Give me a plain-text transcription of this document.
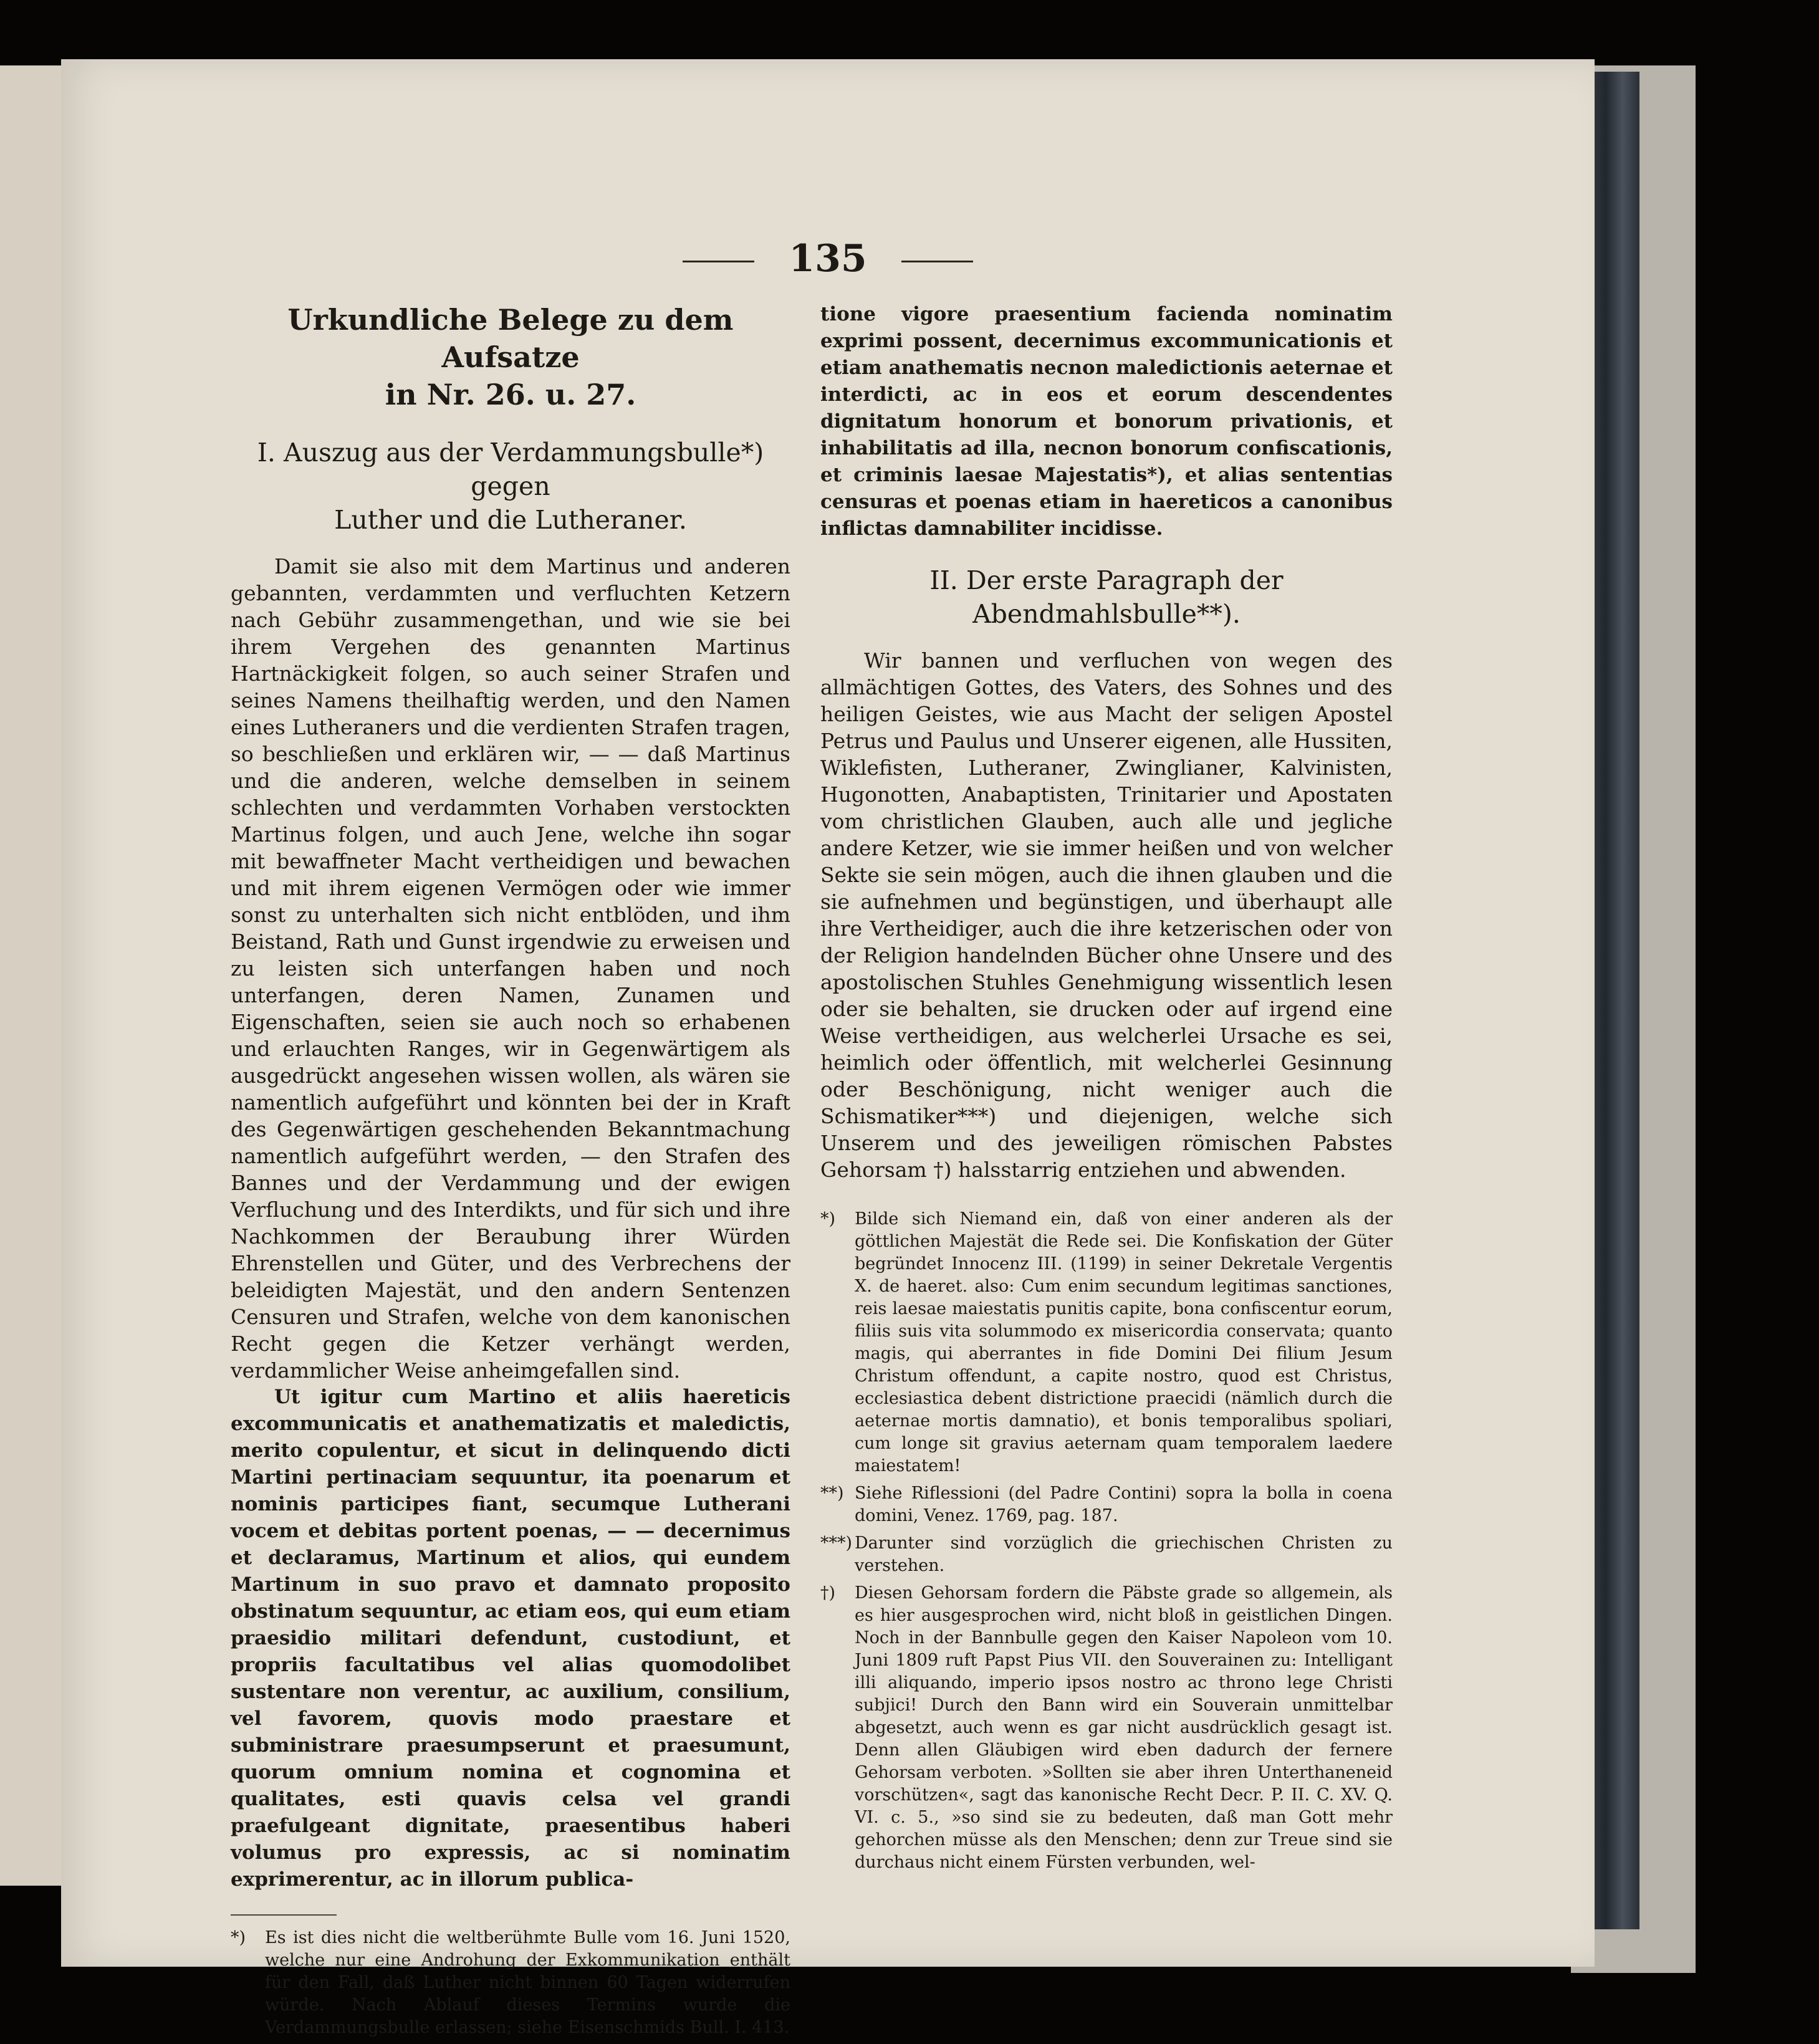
135
Urkundliche Belege zu dem Aufsatze
in Nr. 26. u. 27.
I. Auszug aus der Verdammungsbulle*) gegen
Luther und die Lutheraner.

Damit sie also mit dem Martinus und anderen gebannten, verdammten und verfluchten Ketzern nach Gebühr zusammengethan, und wie sie bei ihrem Vergehen des genannten Martinus Hartnäckigkeit folgen, so auch seiner Strafen und seines Namens theilhaftig werden, und den Namen eines Lutheraners und die verdienten Strafen tragen, so beschließen und erklären wir, — — daß Martinus und die anderen, welche demselben in seinem schlechten und verdammten Vorhaben verstockten Martinus folgen, und auch Jene, welche ihn sogar mit bewaffneter Macht vertheidigen und bewachen und mit ihrem eigenen Vermögen oder wie immer sonst zu unterhalten sich nicht entblöden, und ihm Beistand, Rath und Gunst irgendwie zu erweisen und zu leisten sich unterfangen haben und noch unterfangen, deren Namen, Zunamen und Eigenschaften, seien sie auch noch so erhabenen und erlauchten Ranges, wir in Gegenwärtigem als ausgedrückt angesehen wissen wollen, als wären sie namentlich aufgeführt und könnten bei der in Kraft des Gegenwärtigen geschehenden Bekanntmachung namentlich aufgeführt werden, — den Strafen des Bannes und der Verdammung und der ewigen Verfluchung und des Interdikts, und für sich und ihre Nachkommen der Beraubung ihrer Würden Ehrenstellen und Güter, und des Verbrechens der beleidigten Majestät, und den andern Sentenzen Censuren und Strafen, welche von dem kanonischen Recht gegen die Ketzer verhängt werden, verdammlicher Weise anheimgefallen sind.

Ut igitur cum Martino et aliis haereticis excommunicatis et anathematizatis et maledictis, merito copulentur, et sicut in delinquendo dicti Martini pertinaciam sequuntur, ita poenarum et nominis participes fiant, secumque Lutherani vocem et debitas portent poenas, — — decernimus et declaramus, Martinum et alios, qui eundem Martinum in suo pravo et damnato proposito obstinatum sequuntur, ac etiam eos, qui eum etiam praesidio militari defendunt, custodiunt, et propriis facultatibus vel alias quomodolibet sustentare non verentur, ac auxilium, consilium, vel favorem, quovis modo praestare et subministrare praesumpserunt et praesumunt, quorum omnium nomina et cognomina et qualitates, esti quavis celsa vel grandi praefulgeant dignitate, praesentibus haberi volumus pro expressis, ac si nominatim exprimerentur, ac in illorum publica-

*) Es ist dies nicht die weltberühmte Bulle vom 16. Juni 1520, welche nur eine Androhung der Exkommunikation enthält für den Fall, daß Luther nicht binnen 60 Tagen widerrufen würde. Nach Ablauf dieses Termins wurde die Verdammungsbulle erlassen; siehe Eisenschmids Bull. I. 413.

tione vigore praesentium facienda nominatim exprimi possent, decernimus excommunicationis et etiam anathematis necnon maledictionis aeternae et interdicti, ac in eos et eorum descendentes dignitatum honorum et bonorum privationis, et inhabilitatis ad illa, necnon bonorum confiscationis, et criminis laesae Majestatis*), et alias sententias censuras et poenas etiam in haereticos a canonibus inflictas damnabiliter incidisse.

II. Der erste Paragraph der Abendmahlsbulle**).

Wir bannen und verfluchen von wegen des allmächtigen Gottes, des Vaters, des Sohnes und des heiligen Geistes, wie aus Macht der seligen Apostel Petrus und Paulus und Unserer eigenen, alle Hussiten, Wiklefisten, Lutheraner, Zwinglianer, Kalvinisten, Hugonotten, Anabaptisten, Trinitarier und Apostaten vom christlichen Glauben, auch alle und jegliche andere Ketzer, wie sie immer heißen und von welcher Sekte sie sein mögen, auch die ihnen glauben und die sie aufnehmen und begünstigen, und überhaupt alle ihre Vertheidiger, auch die ihre ketzerischen oder von der Religion handelnden Bücher ohne Unsere und des apostolischen Stuhles Genehmigung wissentlich lesen oder sie behalten, sie drucken oder auf irgend eine Weise vertheidigen, aus welcherlei Ursache es sei, heimlich oder öffentlich, mit welcherlei Gesinnung oder Beschönigung, nicht weniger auch die Schismatiker***) und diejenigen, welche sich Unserem und des jeweiligen römischen Pabstes Gehorsam †) halsstarrig entziehen und abwenden.

*) Bilde sich Niemand ein, daß von einer anderen als der göttlichen Majestät die Rede sei. Die Konfiskation der Güter begründet Innocenz III. (1199) in seiner Dekretale Vergentis X. de haeret. also: Cum enim secundum legitimas sanctiones, reis laesae maiestatis punitis capite, bona confiscentur eorum, filiis suis vita solummodo ex misericordia conservata; quanto magis, qui aberrantes in fide Domini Dei filium Jesum Christum offendunt, a capite nostro, quod est Christus, ecclesiastica debent districtione praecidi (nämlich durch die aeternae mortis damnatio), et bonis temporalibus spoliari, cum longe sit gravius aeternam quam temporalem laedere maiestatem!

**) Siehe Riflessioni (del Padre Contini) sopra la bolla in coena domini, Venez. 1769, pag. 187.

***) Darunter sind vorzüglich die griechischen Christen zu verstehen.

†) Diesen Gehorsam fordern die Päbste grade so allgemein, als es hier ausgesprochen wird, nicht bloß in geistlichen Dingen. Noch in der Bannbulle gegen den Kaiser Napoleon vom 10. Juni 1809 ruft Papst Pius VII. den Souverainen zu: Intelligant illi aliquando, imperio ipsos nostro ac throno lege Christi subjici! Durch den Bann wird ein Souverain unmittelbar abgesetzt, auch wenn es gar nicht ausdrücklich gesagt ist. Denn allen Gläubigen wird eben dadurch der fernere Gehorsam verboten. »Sollten sie aber ihren Unterthaneneid vorschützen«, sagt das kanonische Recht Decr. P. II. C. XV. Q. VI. c. 5., »so sind sie zu bedeuten, daß man Gott mehr gehorchen müsse als den Menschen; denn zur Treue sind sie durchaus nicht einem Fürsten verbunden, wel-
